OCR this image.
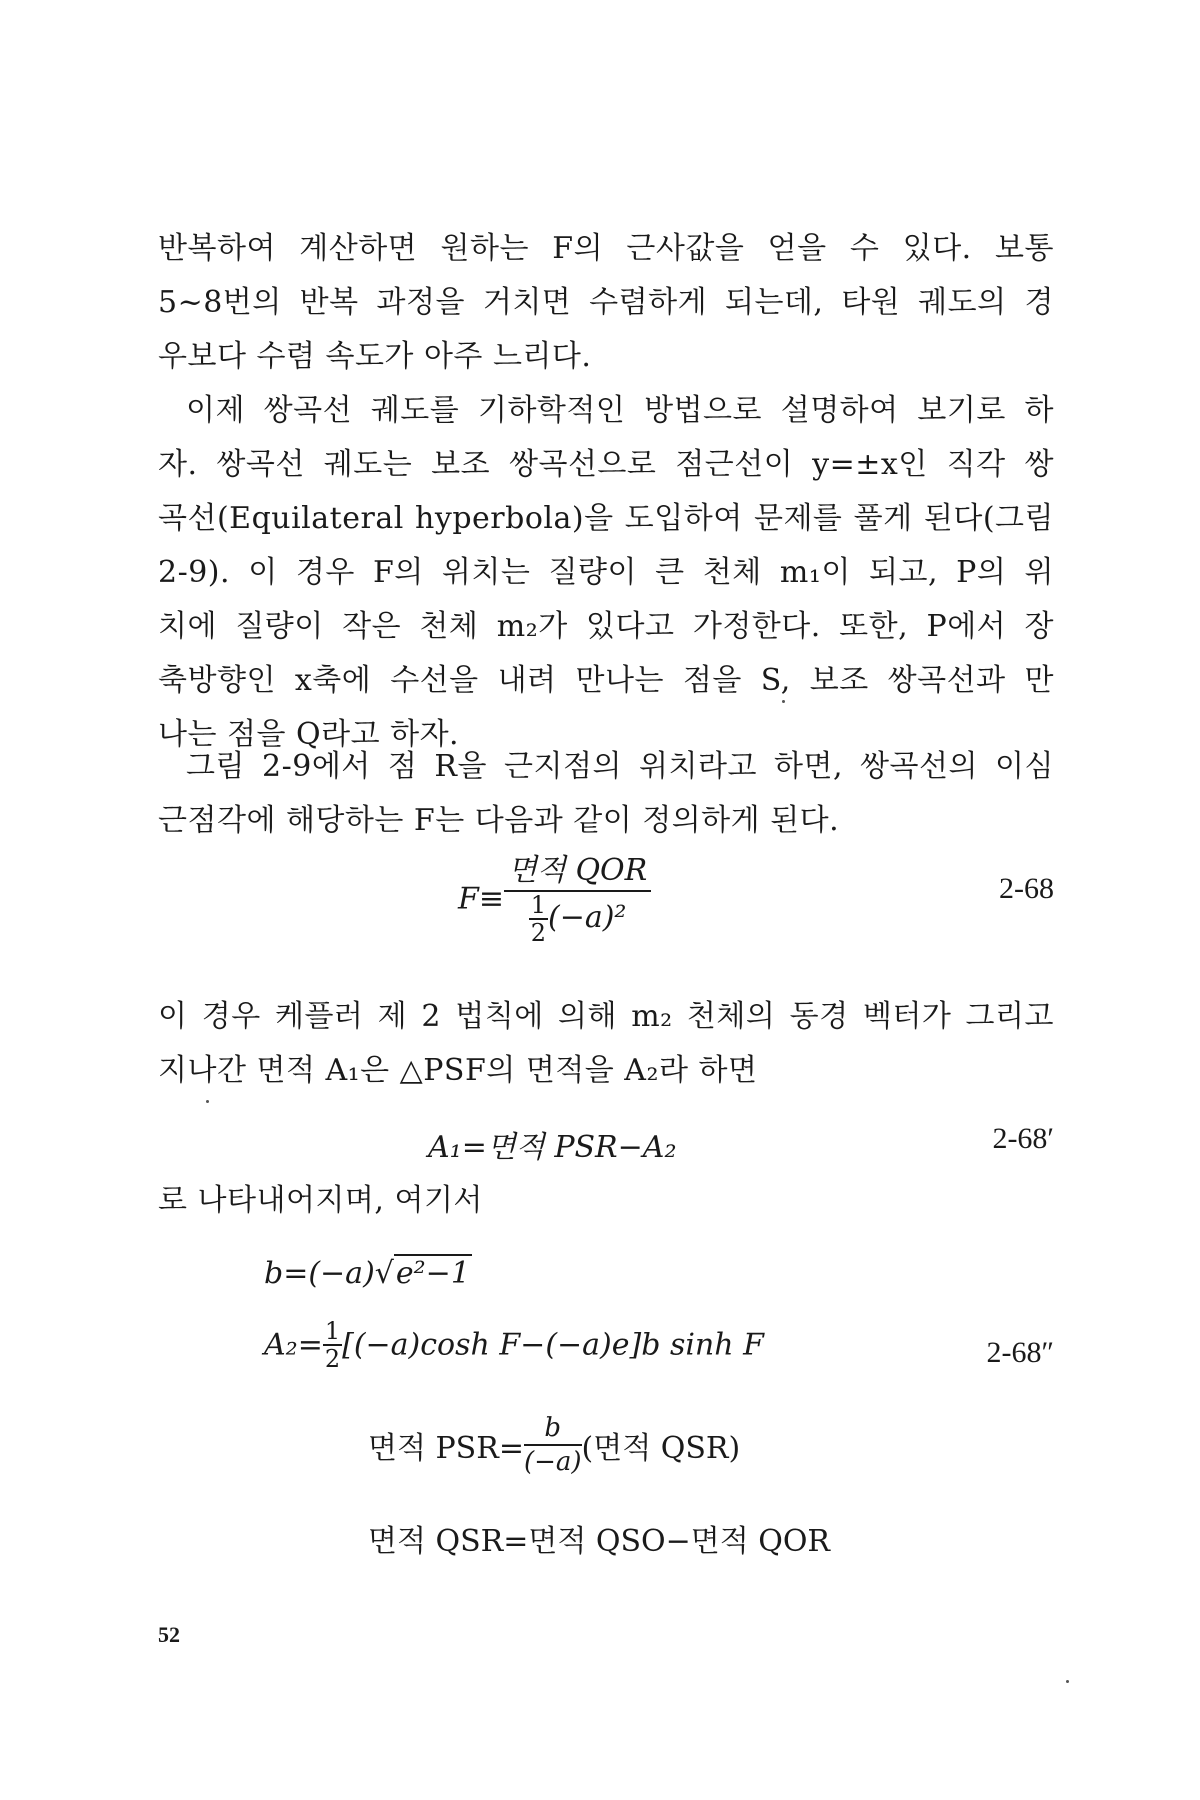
반복하여 계산하면 원하는 F의 근사값을 얻을 수 있다. 보통
5~8번의 반복 과정을 거치면 수렴하게 되는데, 타원 궤도의 경
우보다 수렴 속도가 아주 느리다.
이제 쌍곡선 궤도를 기하학적인 방법으로 설명하여 보기로 하
자. 쌍곡선 궤도는 보조 쌍곡선으로 점근선이 y=±x인 직각 쌍
곡선(Equilateral hyperbola)을 도입하여 문제를 풀게 된다(그림
2-9). 이 경우 F의 위치는 질량이 큰 천체 m₁이 되고, P의 위
치에 질량이 작은 천체 m₂가 있다고 가정한다. 또한, P에서 장
축방향인 x축에 수선을 내려 만나는 점을 S, 보조 쌍곡선과 만
나는 점을 Q라고 하자.
그림 2-9에서 점 R을 근지점의 위치라고 하면, 쌍곡선의 이심
근점각에 해당하는 F는 다음과 같이 정의하게 된다.
$F\equiv \frac{\text{면적 QOR}}{\frac{1}{2} (-a)^2}$	2-68
이 경우 케플러 제 2 법칙에 의해 m₂ 천체의 동경 벡터가 그리고
지나간 면적 A₁은 △PSF의 면적을 A₂라 하면
A₁=면적 PSR−A₂	2-68′
로 나타내어지며, 여기서
b=(−a)√e²−1
$A_2= \frac{1}{2} [(-a)\cosh$ F−(−a)e]b sinh F	2-68″
면적 $PSR= \frac{b}{(-a)}$ (면적 QSR)
면적 QSR=면적 QSO−면적 QOR
52
